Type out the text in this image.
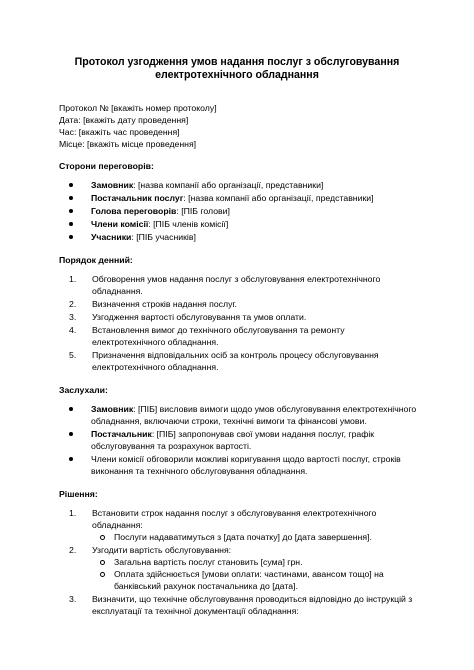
Протокол узгодження умов надання послуг з обслуговування
електротехнічного обладнання

Протокол № [вкажіть номер протоколу]

Дата: [вкажіть дату проведення]

Час: [вкажіть час проведення]

Місце: [вкажіть місце проведення]

Сторони переговорів:

Замовник: [назва компанії або організації, представники]
Постачальник послуг: [назва компанії або організації, представники]
Голова переговорів: [ПІБ голови]
Члени комісії: [ПІБ членів комісії]
Учасники: [ПІБ учасників]

Порядок денний:

1. Обговорення умов надання послуг з обслуговування електротехнічного обладнання.
2. Визначення строків надання послуг.
3. Узгодження вартості обслуговування та умов оплати.
4. Встановлення вимог до технічного обслуговування та ремонту електротехнічного обладнання.
5. Призначення відповідальних осіб за контроль процесу обслуговування електротехнічного обладнання.

Заслухали:

Замовник: [ПІБ] висловив вимоги щодо умов обслуговування електротехнічного обладнання, включаючи строки, технічні вимоги та фінансові умови.
Постачальник: [ПІБ] запропонував свої умови надання послуг, графік обслуговування та розрахунок вартості.
Члени комісії обговорили можливі коригування щодо вартості послуг, строків виконання та технічного обслуговування обладнання.

Рішення:

1. Встановити строк надання послуг з обслуговування електротехнічного обладнання:
Послуги надаватимуться з [дата початку] до [дата завершення].
2. Узгодити вартість обслуговування:
Загальна вартість послуг становить [сума] грн.
Оплата здійснюється [умови оплати: частинами, авансом тощо] на банківський рахунок постачальника до [дата].
3. Визначити, що технічне обслуговування проводиться відповідно до інструкцій з експлуатації та технічної документації обладнання:
